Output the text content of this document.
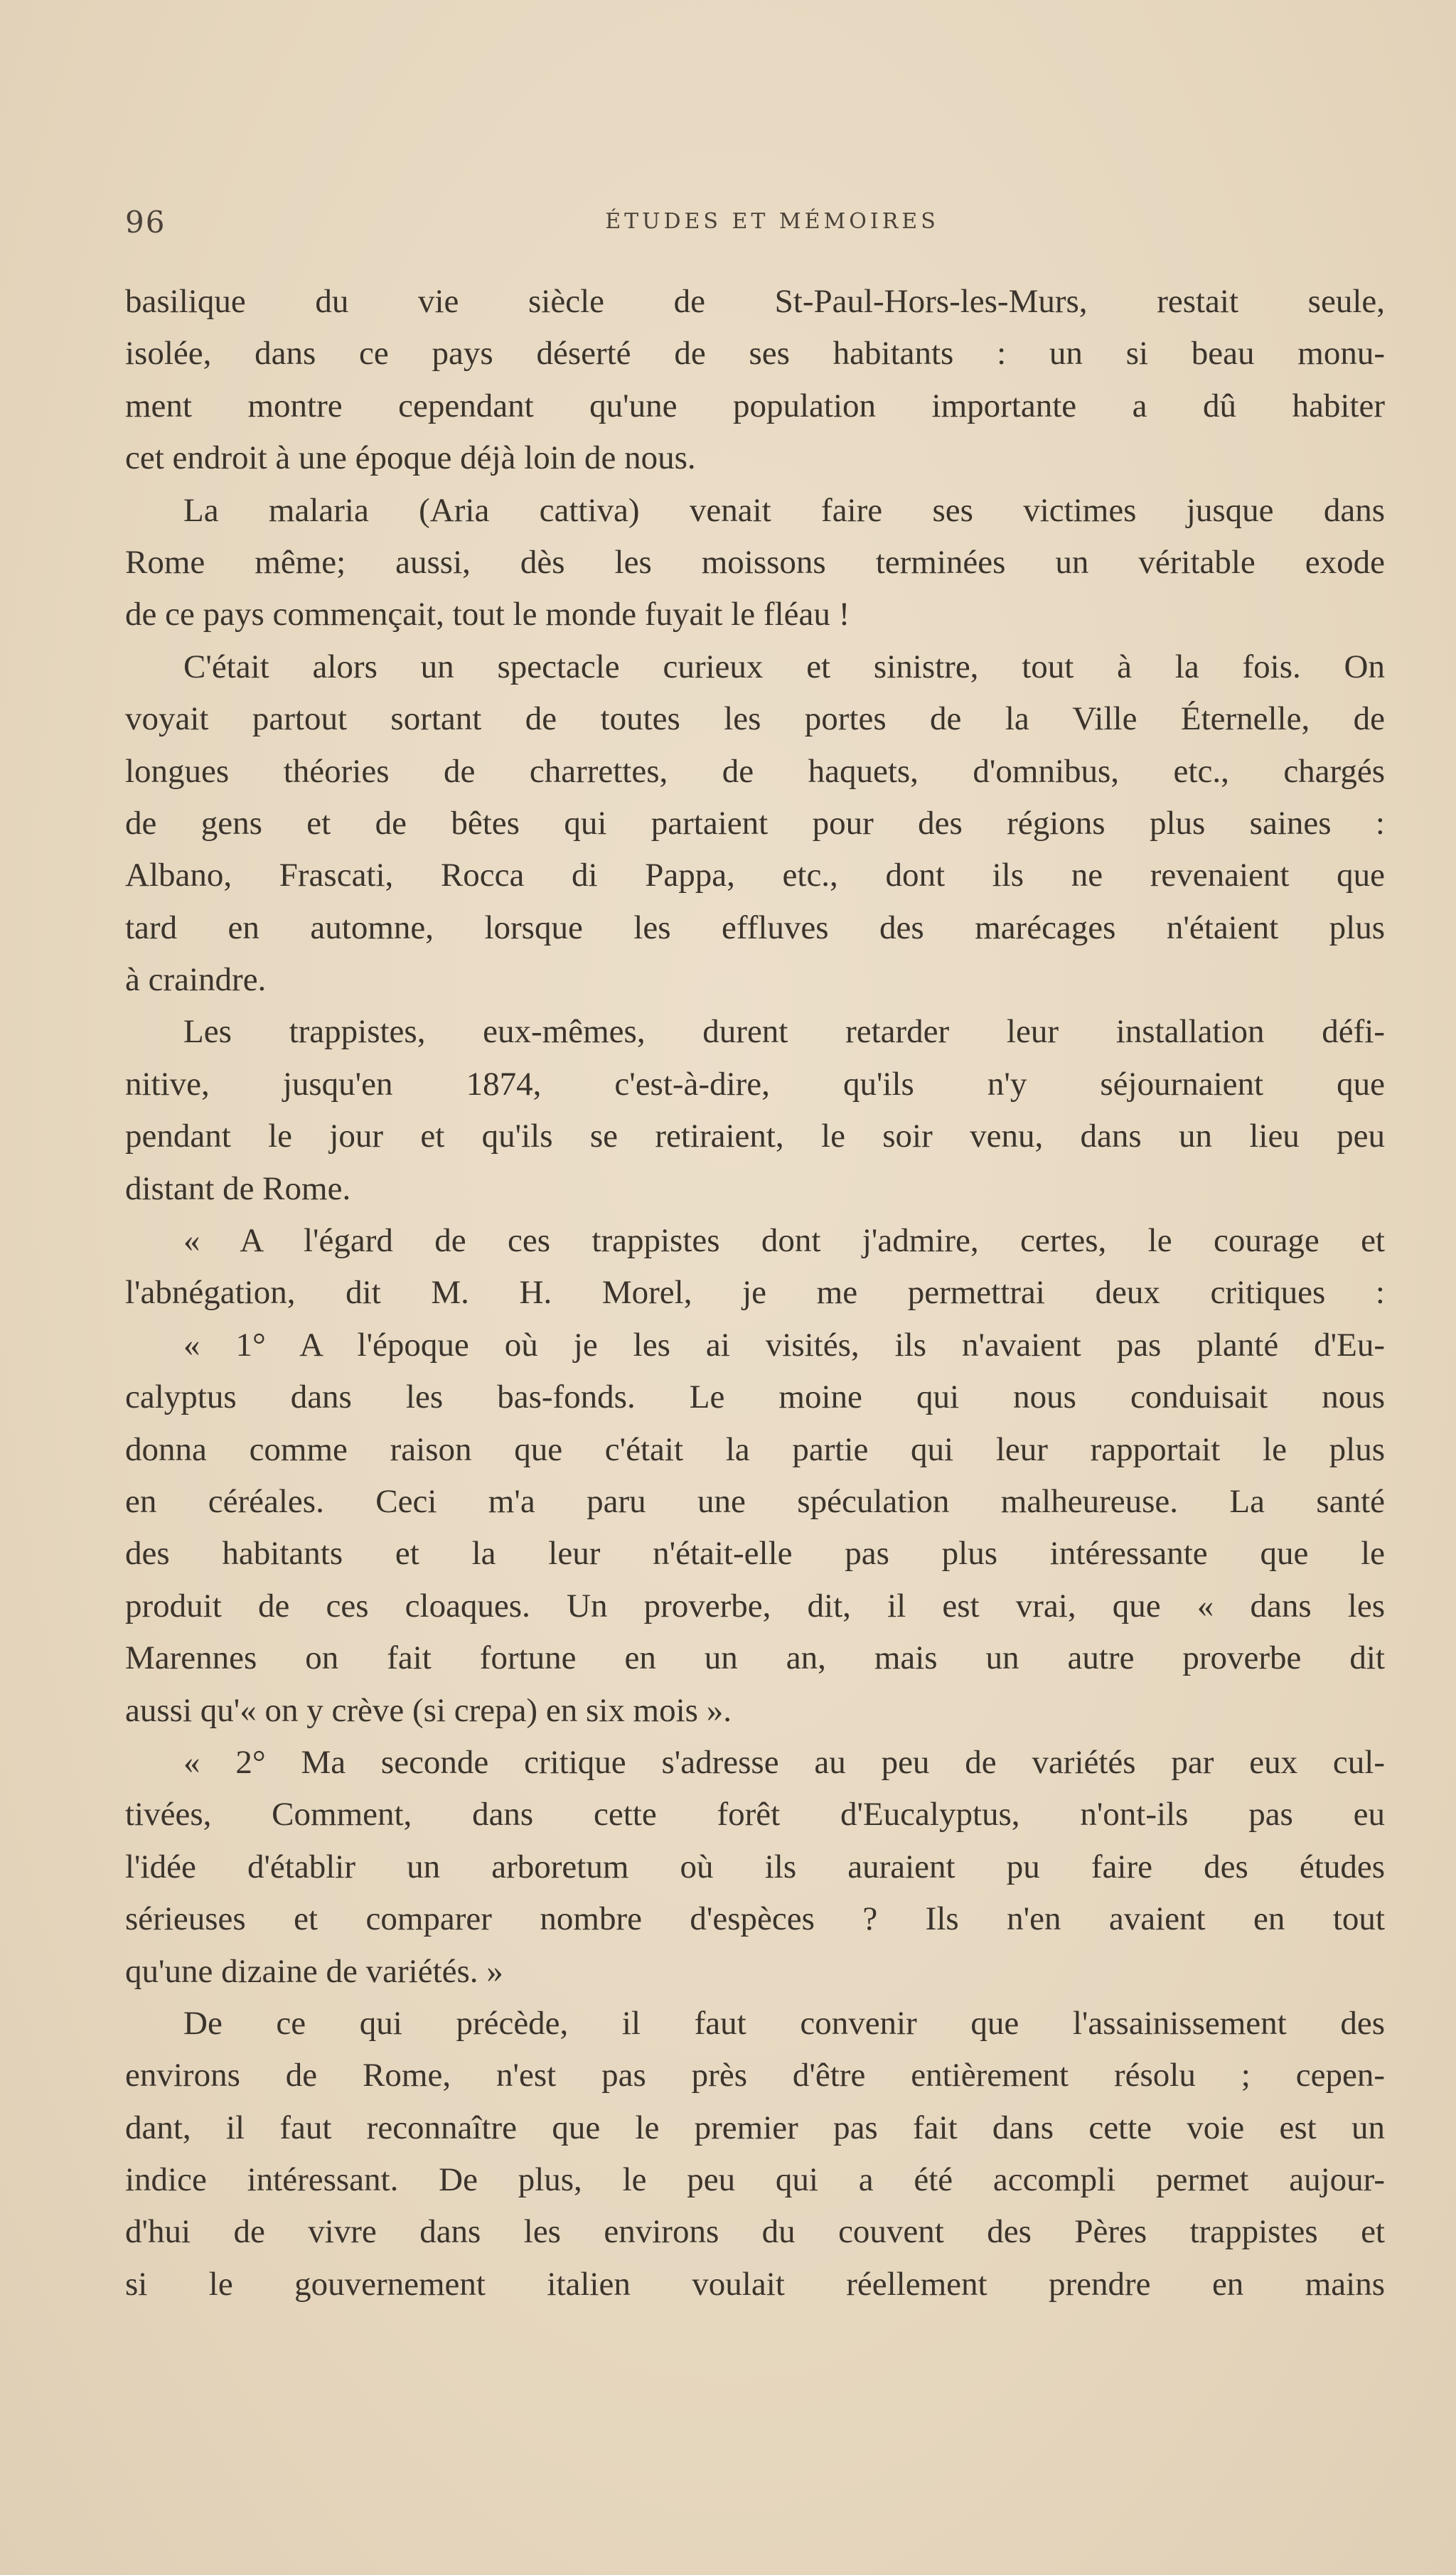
96	ÉTUDES ET MÉMOIRES
basilique du vie siècle de St-Paul-Hors-les-Murs, restait seule,
isolée, dans ce pays déserté de ses habitants : un si beau monu-
ment montre cependant qu'une population importante a dû habiter
cet endroit à une époque déjà loin de nous.
La malaria (Aria cattiva) venait faire ses victimes jusque dans
Rome même; aussi, dès les moissons terminées un véritable exode
de ce pays commençait, tout le monde fuyait le fléau !
C'était alors un spectacle curieux et sinistre, tout à la fois. On
voyait partout sortant de toutes les portes de la Ville Éternelle, de
longues théories de charrettes, de haquets, d'omnibus, etc., chargés
de gens et de bêtes qui partaient pour des régions plus saines :
Albano, Frascati, Rocca di Pappa, etc., dont ils ne revenaient que
tard en automne, lorsque les effluves des marécages n'étaient plus
à craindre.
Les trappistes, eux-mêmes, durent retarder leur installation défi-
nitive, jusqu'en 1874, c'est-à-dire, qu'ils n'y séjournaient que
pendant le jour et qu'ils se retiraient, le soir venu, dans un lieu peu
distant de Rome.
« A l'égard de ces trappistes dont j'admire, certes, le courage et
l'abnégation, dit M. H. Morel, je me permettrai deux critiques :
« 1° A l'époque où je les ai visités, ils n'avaient pas planté d'Eu-
calyptus dans les bas-fonds. Le moine qui nous conduisait nous
donna comme raison que c'était la partie qui leur rapportait le plus
en céréales. Ceci m'a paru une spéculation malheureuse. La santé
des habitants et la leur n'était-elle pas plus intéressante que le
produit de ces cloaques. Un proverbe, dit, il est vrai, que « dans les
Marennes on fait fortune en un an, mais un autre proverbe dit
aussi qu'« on y crève (si crepa) en six mois ».
« 2° Ma seconde critique s'adresse au peu de variétés par eux cul-
tivées, Comment, dans cette forêt d'Eucalyptus, n'ont-ils pas eu
l'idée d'établir un arboretum où ils auraient pu faire des études
sérieuses et comparer nombre d'espèces ? Ils n'en avaient en tout
qu'une dizaine de variétés. »
De ce qui précède, il faut convenir que l'assainissement des
environs de Rome, n'est pas près d'être entièrement résolu ; cepen-
dant, il faut reconnaître que le premier pas fait dans cette voie est un
indice intéressant. De plus, le peu qui a été accompli permet aujour-
d'hui de vivre dans les environs du couvent des Pères trappistes et
si le gouvernement italien voulait réellement prendre en mains
